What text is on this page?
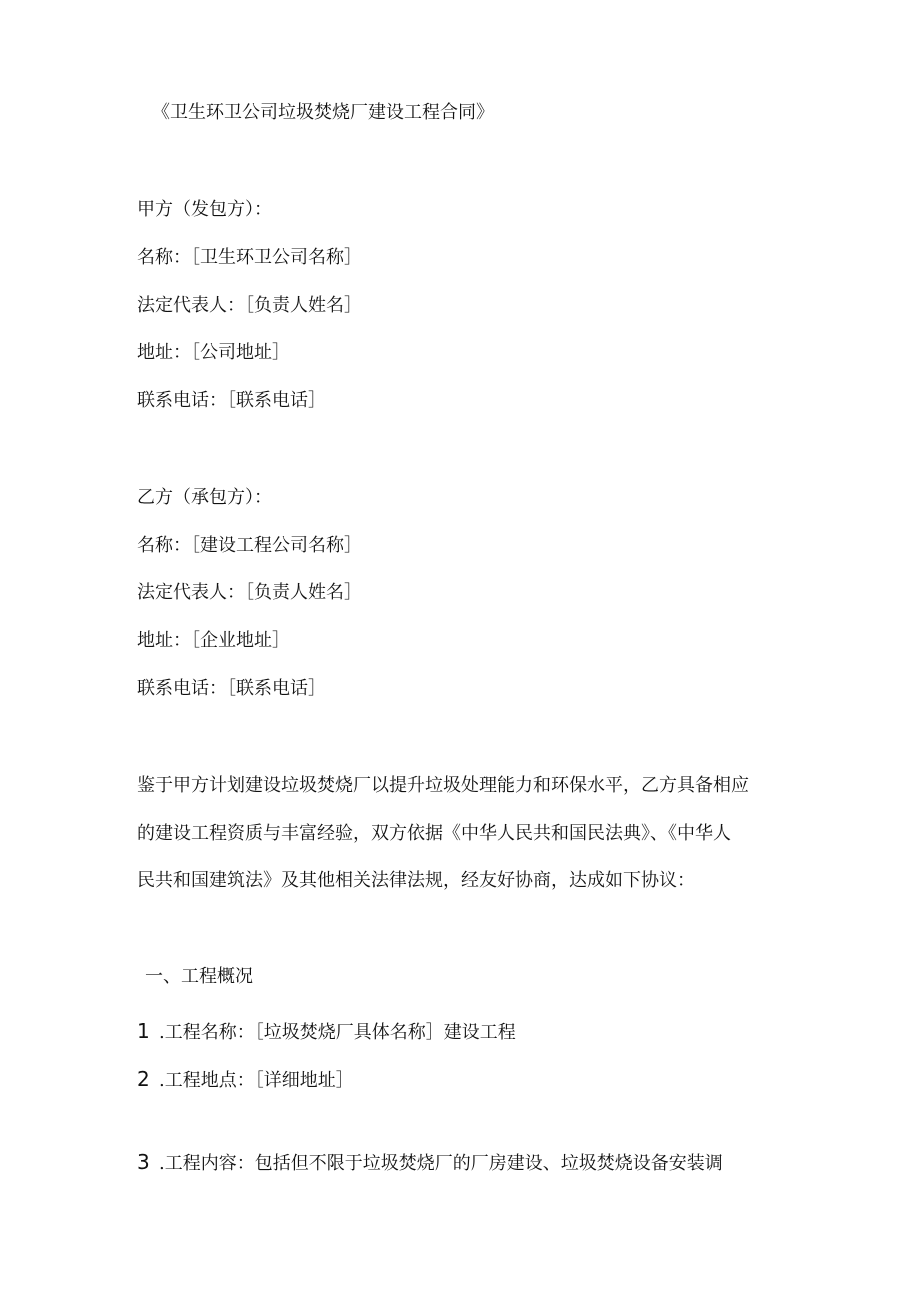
《卫生环卫公司垃圾焚烧厂建设工程合同》
甲方（发包方）：
名称：［卫生环卫公司名称］
法定代表人：［负责人姓名］
地址：［公司地址］
联系电话：［联系电话］
乙方（承包方）：
名称：［建设工程公司名称］
法定代表人：［负责人姓名］
地址：［企业地址］
联系电话：［联系电话］
鉴于甲方计划建设垃圾焚烧厂以提升垃圾处理能力和环保水平，乙方具备相应
的建设工程资质与丰富经验，双方依据《中华人民共和国民法典》、《中华人
民共和国建筑法》及其他相关法律法规，经友好协商，达成如下协议：
一、工程概况
1 .工程名称：［垃圾焚烧厂具体名称］建设工程
2 .工程地点：［详细地址］
3 .工程内容：包括但不限于垃圾焚烧厂的厂房建设、垃圾焚烧设备安装调
